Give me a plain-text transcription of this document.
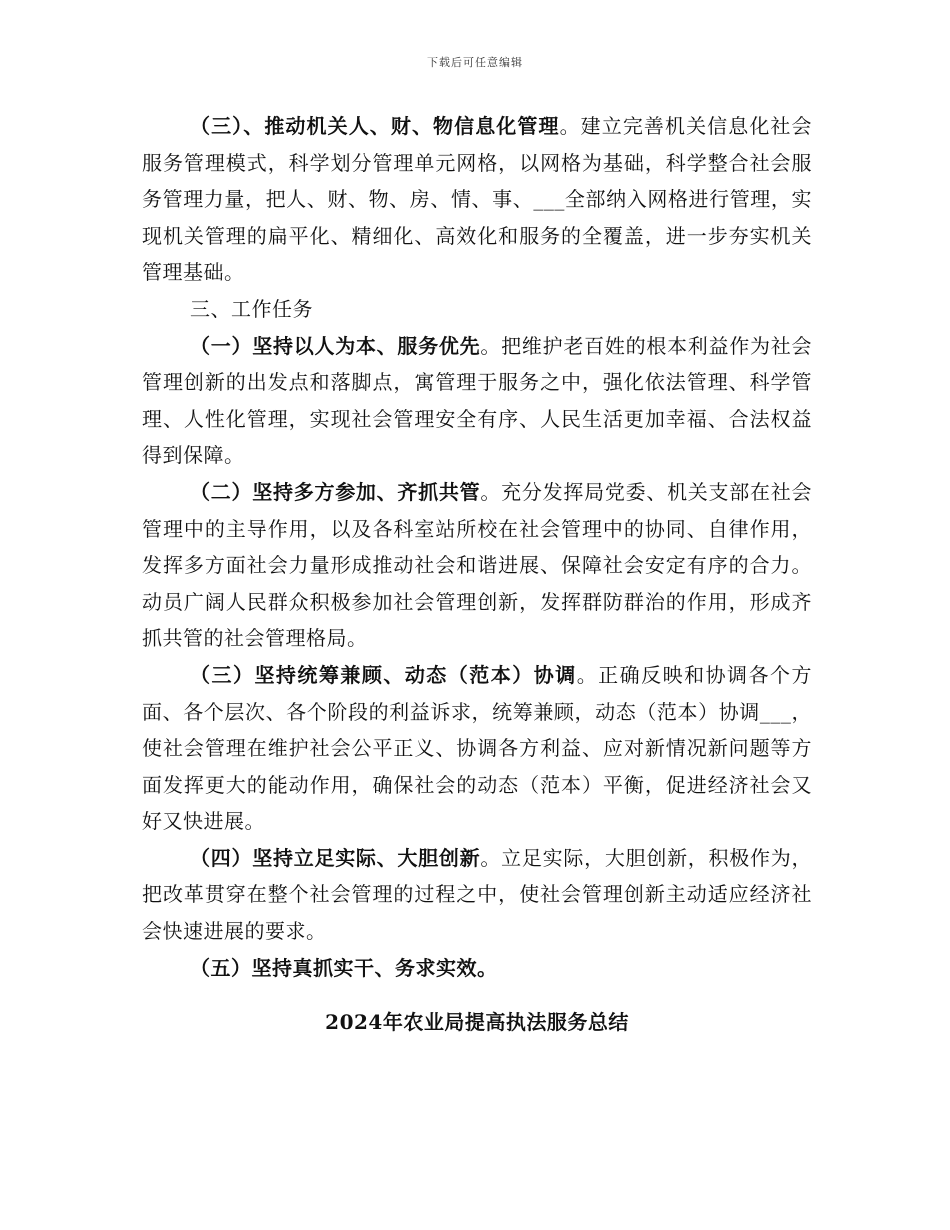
下载后可任意编辑

（三）、推动机关人、财、物信息化管理。建立完善机关信息化社会服务管理模式，科学划分管理单元网格，以网格为基础，科学整合社会服务管理力量，把人、财、物、房、情、事、___全部纳入网格进行管理，实现机关管理的扁平化、精细化、高效化和服务的全覆盖，进一步夯实机关管理基础。

三、工作任务

（一）坚持以人为本、服务优先。把维护老百姓的根本利益作为社会管理创新的出发点和落脚点，寓管理于服务之中，强化依法管理、科学管理、人性化管理，实现社会管理安全有序、人民生活更加幸福、合法权益得到保障。

（二）坚持多方参加、齐抓共管。充分发挥局党委、机关支部在社会管理中的主导作用，以及各科室站所校在社会管理中的协同、自律作用，发挥多方面社会力量形成推动社会和谐进展、保障社会安定有序的合力。动员广阔人民群众积极参加社会管理创新，发挥群防群治的作用，形成齐抓共管的社会管理格局。

（三）坚持统筹兼顾、动态（范本）协调。正确反映和协调各个方面、各个层次、各个阶段的利益诉求，统筹兼顾，动态（范本）协调___，使社会管理在维护社会公平正义、协调各方利益、应对新情况新问题等方面发挥更大的能动作用，确保社会的动态（范本）平衡，促进经济社会又好又快进展。

（四）坚持立足实际、大胆创新。立足实际，大胆创新，积极作为，把改革贯穿在整个社会管理的过程之中，使社会管理创新主动适应经济社会快速进展的要求。

（五）坚持真抓实干、务求实效。

2024年农业局提高执法服务总结
